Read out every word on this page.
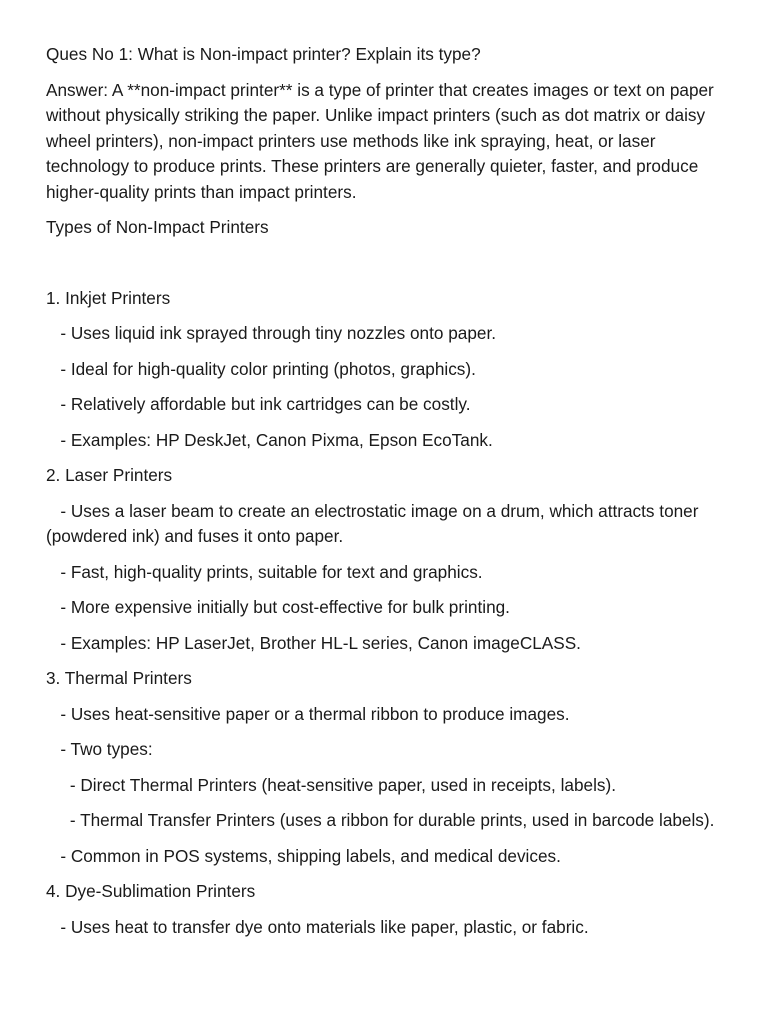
Ques No 1: What is Non-impact printer? Explain its type?

Answer: A **non-impact printer** is a type of printer that creates images or text on paper without physically striking the paper. Unlike impact printers (such as dot matrix or daisy wheel printers), non-impact printers use methods like ink spraying, heat, or laser technology to produce prints. These printers are generally quieter, faster, and produce higher-quality prints than impact printers.

Types of Non-Impact Printers

1. Inkjet Printers

- Uses liquid ink sprayed through tiny nozzles onto paper.

- Ideal for high-quality color printing (photos, graphics).

- Relatively affordable but ink cartridges can be costly.

- Examples: HP DeskJet, Canon Pixma, Epson EcoTank.

2. Laser Printers

- Uses a laser beam to create an electrostatic image on a drum, which attracts toner (powdered ink) and fuses it onto paper.

- Fast, high-quality prints, suitable for text and graphics.

- More expensive initially but cost-effective for bulk printing.

- Examples: HP LaserJet, Brother HL-L series, Canon imageCLASS.

3. Thermal Printers

- Uses heat-sensitive paper or a thermal ribbon to produce images.

- Two types:

- Direct Thermal Printers (heat-sensitive paper, used in receipts, labels).

- Thermal Transfer Printers (uses a ribbon for durable prints, used in barcode labels).

- Common in POS systems, shipping labels, and medical devices.

4. Dye-Sublimation Printers

- Uses heat to transfer dye onto materials like paper, plastic, or fabric.
